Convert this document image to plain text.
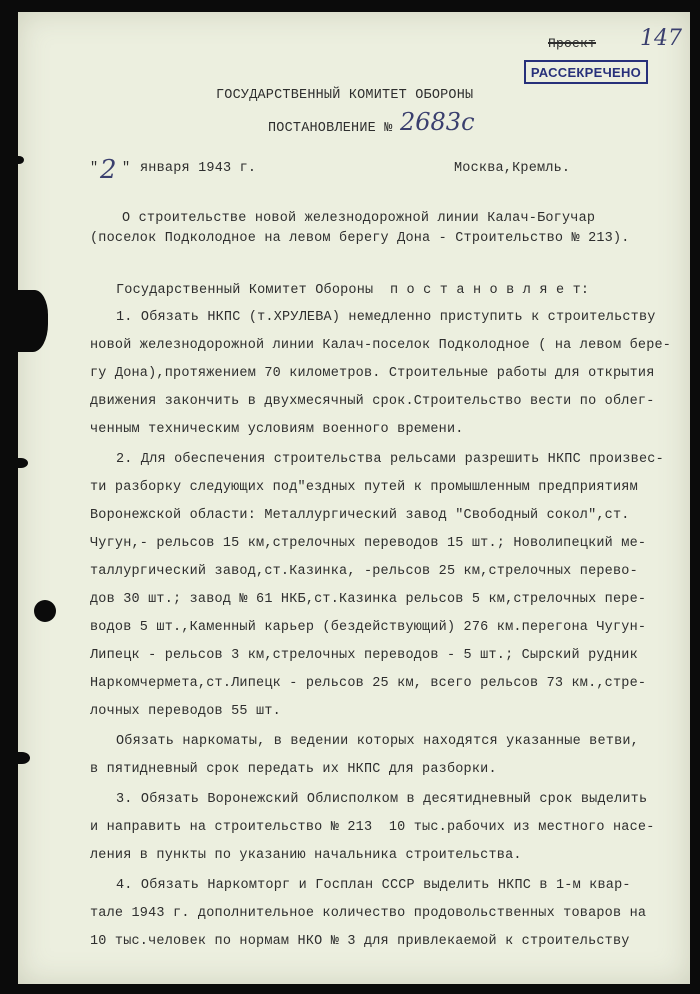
Проект 147
РАССЕКРЕЧЕНО
ГОСУДАРСТВЕННЫЙ КОМИТЕТ ОБОРОНЫ
ПОСТАНОВЛЕНИЕ № 2683с
" 2 " января 1943 г.	Москва,Кремль.
О строительстве новой железнодорожной линии Калач-Богучар
(поселок Подколодное на левом берегу Дона - Строительство № 213).
Государственный Комитет Обороны  п о с т а н о в л я е т:
1. Обязать НКПС (т.ХРУЛЕВА) немедленно приступить к строительству
новой железнодорожной линии Калач-поселок Подколодное ( на левом бере-
гу Дона),протяжением 70 километров. Строительные работы для открытия
движения закончить в двухмесячный срок.Строительство вести по облег-
ченным техническим условиям военного времени.
2. Для обеспечения строительства рельсами разрешить НКПС произвес-
ти разборку следующих под"ездных путей к промышленным предприятиям
Воронежской области: Металлургический завод "Свободный сокол",ст.
Чугун,- рельсов 15 км,стрелочных переводов 15 шт.; Новолипецкий ме-
таллургический завод,ст.Казинка, -рельсов 25 км,стрелочных перево-
дов 30 шт.; завод № 61 НКБ,ст.Казинка рельсов 5 км,стрелочных пере-
водов 5 шт.,Каменный карьер (бездействующий) 276 км.перегона Чугун-
Липецк - рельсов 3 км,стрелочных переводов - 5 шт.; Сырский рудник
Наркомчермета,ст.Липецк - рельсов 25 км, всего рельсов 73 км.,стре-
лочных переводов 55 шт.
Обязать наркоматы, в ведении которых находятся указанные ветви,
в пятидневный срок передать их НКПС для разборки.
3. Обязать Воронежский Облисполком в десятидневный срок выделить
и направить на строительство № 213  10 тыс.рабочих из местного насе-
ления в пункты по указанию начальника строительства.
4. Обязать Наркомторг и Госплан СССР выделить НКПС в 1-м квар-
тале 1943 г. дополнительное количество продовольственных товаров на
10 тыс.человек по нормам НКО № 3 для привлекаемой к строительству
